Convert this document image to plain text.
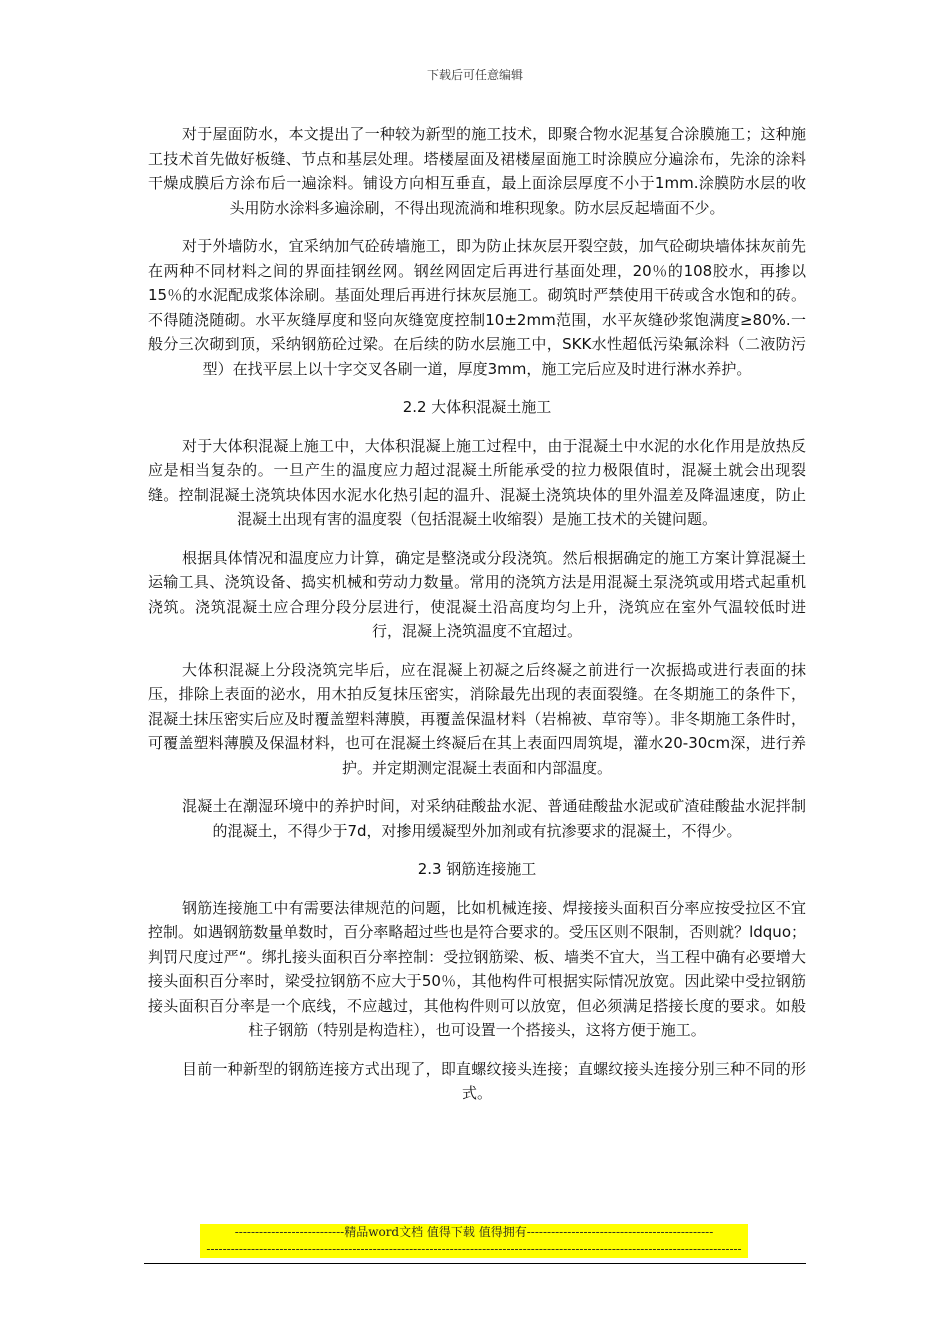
下载后可任意编辑

对于屋面防水，本文提出了一种较为新型的施工技术，即聚合物水泥基复合涂膜施工；这种施工技术首先做好板缝、节点和基层处理。塔楼屋面及裙楼屋面施工时涂膜应分遍涂布，先涂的涂料干燥成膜后方涂布后一遍涂料。铺设方向相互垂直，最上面涂层厚度不小于1mm.涂膜防水层的收头用防水涂料多遍涂刷，不得出现流淌和堆积现象。防水层反起墙面不少。

对于外墙防水，宜采纳加气砼砖墙施工，即为防止抹灰层开裂空鼓，加气砼砌块墙体抹灰前先在两种不同材料之间的界面挂钢丝网。钢丝网固定后再进行基面处理，20％的108胶水，再掺以 15％的水泥配成浆体涂刷。基面处理后再进行抹灰层施工。砌筑时严禁使用干砖或含水饱和的砖。不得随浇随砌。水平灰缝厚度和竖向灰缝宽度控制10±2mm范围，水平灰缝砂浆饱满度≥80%.一般分三次砌到顶，采纳钢筋砼过梁。在后续的防水层施工中，SKK水性超低污染氟涂料（二液防污型）在找平层上以十字交叉各刷一道，厚度3mm，施工完后应及时进行淋水养护。

2.2 大体积混凝土施工

对于大体积混凝上施工中，大体积混凝上施工过程中，由于混凝土中水泥的水化作用是放热反应是相当复杂的。一旦产生的温度应力超过混凝土所能承受的拉力极限值时，混凝土就会出现裂缝。控制混凝土浇筑块体因水泥水化热引起的温升、混凝土浇筑块体的里外温差及降温速度，防止混凝土出现有害的温度裂（包括混凝土收缩裂）是施工技术的关键问题。

根据具体情况和温度应力计算，确定是整浇或分段浇筑。然后根据确定的施工方案计算混凝土运输工具、浇筑设备、捣实机械和劳动力数量。常用的浇筑方法是用混凝土泵浇筑或用塔式起重机浇筑。浇筑混凝土应合理分段分层进行，使混凝土沿高度均匀上升，浇筑应在室外气温较低时进行，混凝上浇筑温度不宜超过。

大体积混凝上分段浇筑完毕后，应在混凝上初凝之后终凝之前进行一次振捣或进行表面的抹压，排除上表面的泌水，用木拍反复抹压密实，消除最先出现的表面裂缝。在冬期施工的条件下，混凝土抹压密实后应及时覆盖塑料薄膜，再覆盖保温材料（岩棉被、草帘等）。非冬期施工条件时，可覆盖塑料薄膜及保温材料，也可在混凝土终凝后在其上表面四周筑堤，灌水20-30cm深，进行养护。并定期测定混凝土表面和内部温度。

混凝土在潮湿环境中的养护时间，对采纳硅酸盐水泥、普通硅酸盐水泥或矿渣硅酸盐水泥拌制的混凝土，不得少于7d，对掺用缓凝型外加剂或有抗渗要求的混凝土，不得少。

2.3 钢筋连接施工

钢筋连接施工中有需要法律规范的问题，比如机械连接、焊接接头面积百分率应按受拉区不宜控制。如遇钢筋数量单数时，百分率略超过些也是符合要求的。受压区则不限制，否则就？ldquo；判罚尺度过严“。绑扎接头面积百分率控制：受拉钢筋梁、板、墙类不宜大，当工程中确有必要增大接头面积百分率时，梁受拉钢筋不应大于50％，其他构件可根据实际情况放宽。因此梁中受拉钢筋接头面积百分率是一个底线，不应越过，其他构件则可以放宽，但必须满足搭接长度的要求。如般柱子钢筋（特别是构造柱），也可设置一个搭接头，这将方便于施工。

目前一种新型的钢筋连接方式出现了，即直螺纹接头连接；直螺纹接头连接分别三种不同的形式。

---------------------------精品word文档 值得下载 值得拥有----------------------------------------------
------------------------------------------------------------------------------------------------------------------------------------
